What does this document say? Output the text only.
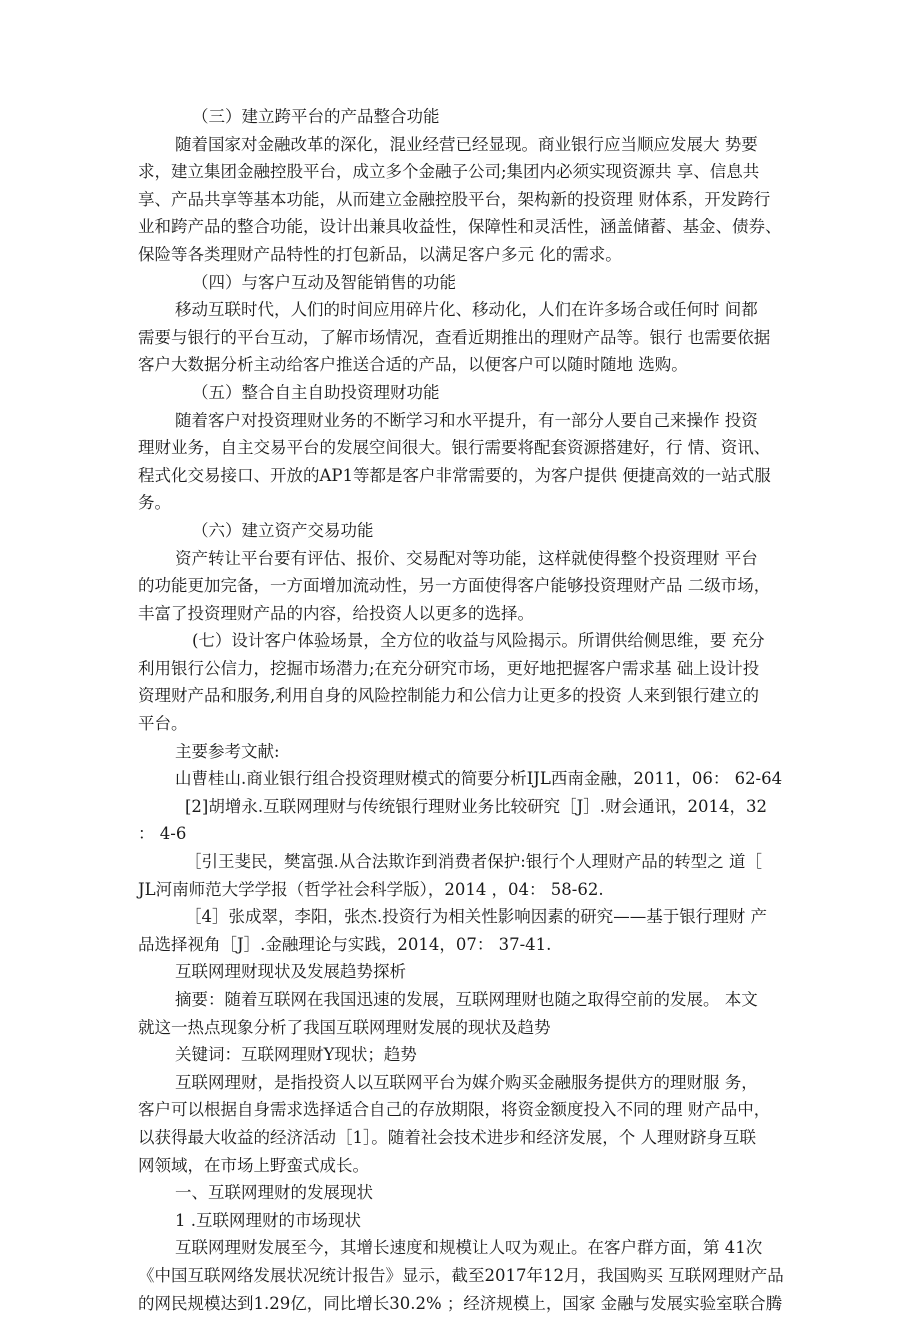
（三）建立跨平台的产品整合功能
随着国家对金融改革的深化，混业经营已经显现。商业银行应当顺应发展大 势要
求，建立集团金融控股平台，成立多个金融子公司;集团内必须实现资源共 享、信息共
享、产品共享等基本功能，从而建立金融控股平台，架构新的投资理 财体系，开发跨行
业和跨产品的整合功能，设计出兼具收益性，保障性和灵活性，涵盖储蓄、基金、债券、
保险等各类理财产品特性的打包新品，以满足客户多元 化的需求。
（四）与客户互动及智能销售的功能
移动互联时代，人们的时间应用碎片化、移动化，人们在许多场合或任何时 间都
需要与银行的平台互动，了解市场情况，查看近期推出的理财产品等。银行 也需要依据
客户大数据分析主动给客户推送合适的产品，以便客户可以随时随地 选购。
（五）整合自主自助投资理财功能
随着客户对投资理财业务的不断学习和水平提升，有一部分人要自己来操作 投资
理财业务，自主交易平台的发展空间很大。银行需要将配套资源搭建好，行 情、资讯、
程式化交易接口、开放的AP1等都是客户非常需要的，为客户提供 便捷高效的一站式服
务。
（六）建立资产交易功能
资产转让平台要有评估、报价、交易配对等功能，这样就使得整个投资理财 平台
的功能更加完备，一方面增加流动性，另一方面使得客户能够投资理财产品 二级市场，
丰富了投资理财产品的内容，给投资人以更多的选择。
(七）设计客户体验场景，全方位的收益与风险揭示。所谓供给侧思维，要 充分
利用银行公信力，挖掘市场潜力;在充分研究市场，更好地把握客户需求基 础上设计投
资理财产品和服务,利用自身的风险控制能力和公信力让更多的投资 人来到银行建立的
平台。
主要参考文献:
山曹桂山.商业银行组合投资理财模式的简要分析IJL西南金融，2011，06： 62-64
[2]胡增永.互联网理财与传统银行理财业务比较研究［J］.财会通讯，2014，32
： 4-6
［引王斐民，樊富强.从合法欺诈到消费者保护:银行个人理财产品的转型之 道［
JL河南师范大学学报（哲学社会科学版），2014 ，04： 58-62.
［4］张成翠，李阳，张杰.投资行为相关性影响因素的研究——基于银行理财 产
品选择视角［J］.金融理论与实践，2014，07： 37-41.
互联网理财现状及发展趋势探析
摘要：随着互联网在我国迅速的发展，互联网理财也随之取得空前的发展。 本文
就这一热点现象分析了我国互联网理财发展的现状及趋势
关键词：互联网理财Y现状；趋势
互联网理财，是指投资人以互联网平台为媒介购买金融服务提供方的理财服 务，
客户可以根据自身需求选择适合自己的存放期限，将资金额度投入不同的理 财产品中，
以获得最大收益的经济活动［1］。随着社会技术进步和经济发展，个 人理财跻身互联
网领域，在市场上野蛮式成长。
一、互联网理财的发展现状
1 .互联网理财的市场现状
互联网理财发展至今，其增长速度和规模让人叹为观止。在客户群方面，第 41次
《中国互联网络发展状况统计报告》显示，截至2017年12月，我国购买 互联网理财产品
的网民规模达到1.29亿，同比增长30.2% ；经济规模上，国家 金融与发展实验室联合腾
